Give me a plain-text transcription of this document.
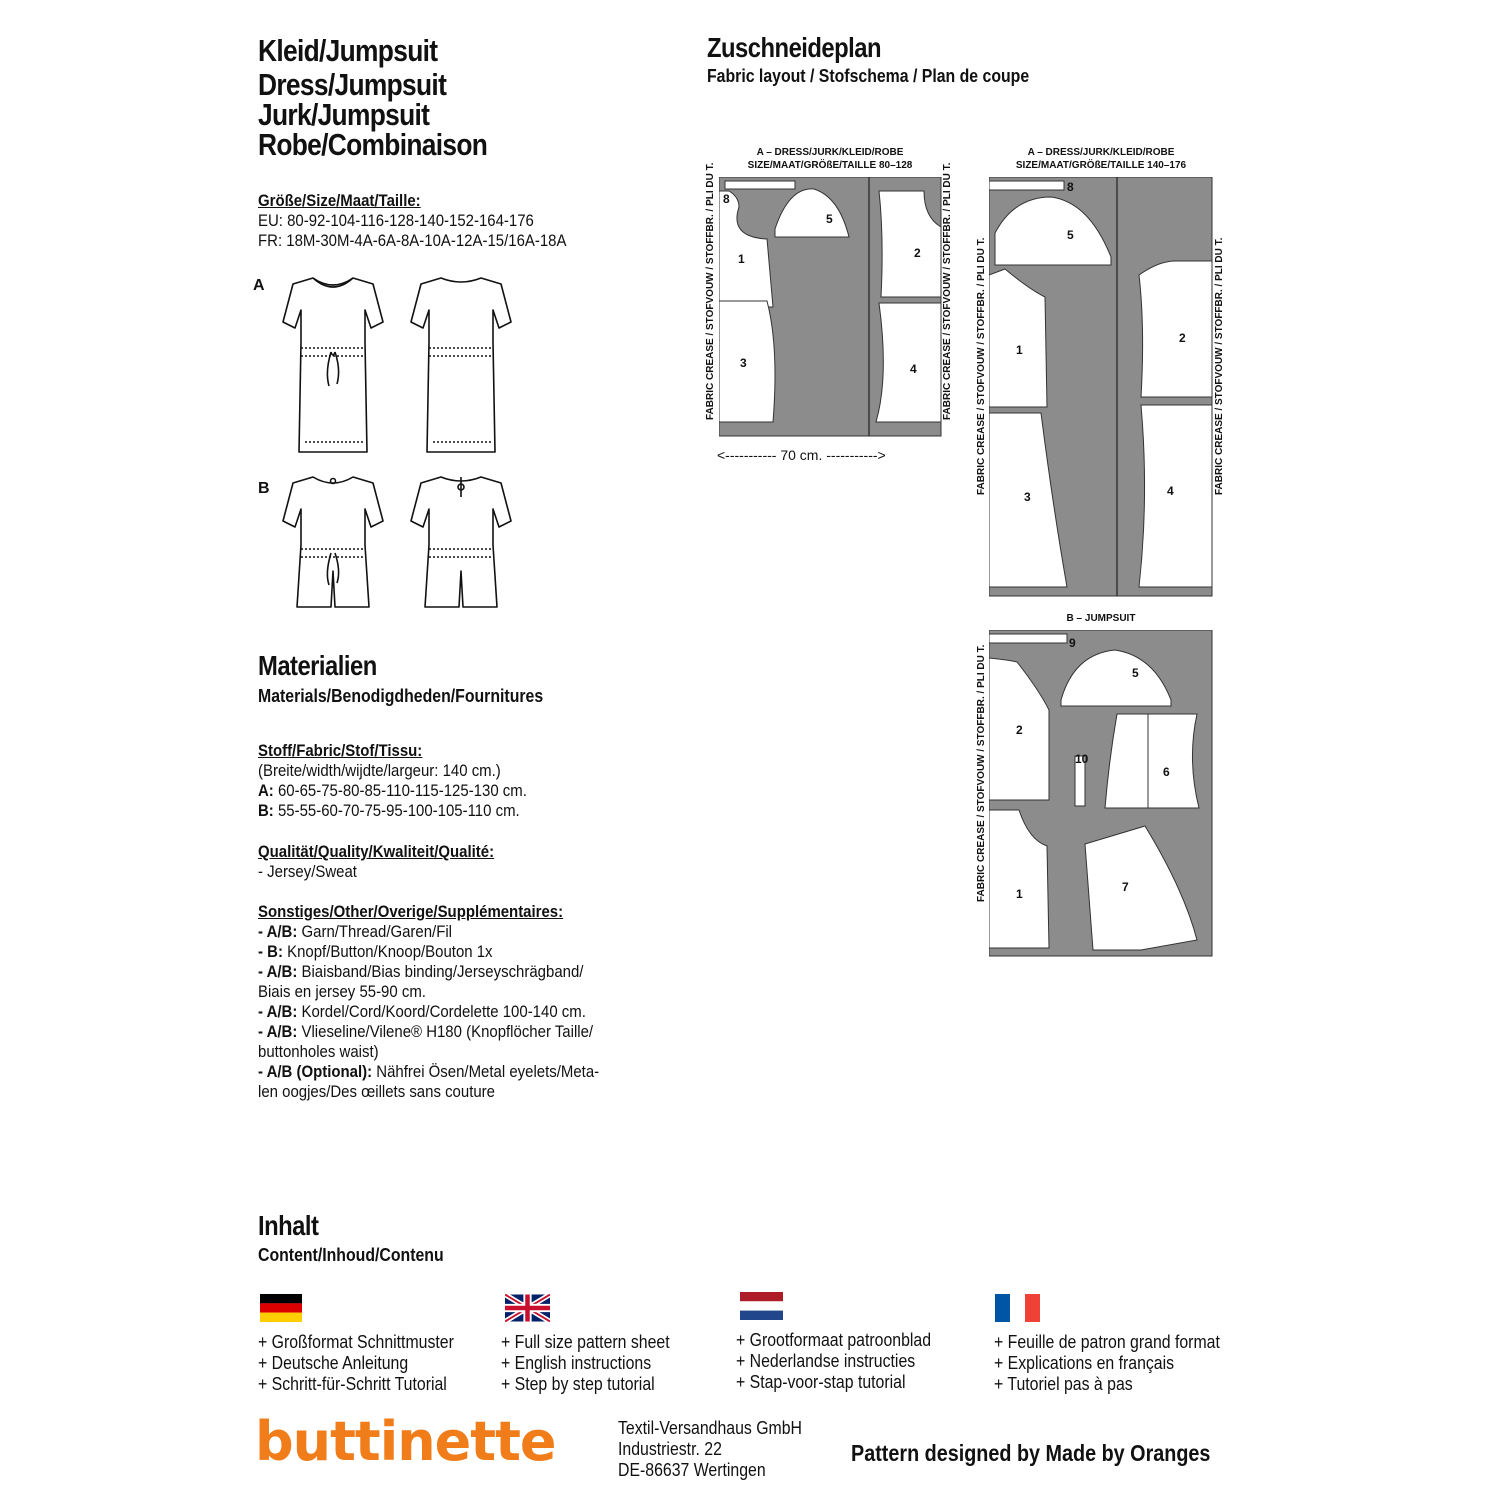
Kleid/Jumpsuit
Dress/Jumpsuit
Jurk/Jumpsuit
Robe/Combinaison
Größe/Size/Maat/Taille:
EU: 80-92-104-116-128-140-152-164-176
FR: 18M-30M-4A-6A-8A-10A-12A-15/16A-18A
A
B
Materialien
Materials/Benodigdheden/Fournitures
Stoff/Fabric/Stof/Tissu:
(Breite/width/wijdte/largeur: 140 cm.)
A: 60-65-75-80-85-110-115-125-130 cm.
B: 55-55-60-70-75-95-100-105-110 cm.
Qualität/Quality/Kwaliteit/Qualité:
- Jersey/Sweat
Sonstiges/Other/Overige/Supplémentaires:
- A/B: Garn/Thread/Garen/Fil
- B: Knopf/Button/Knoop/Bouton 1x
- A/B: Biaisband/Bias binding/Jerseyschrägband/
Biais en jersey 55-90 cm.
- A/B: Kordel/Cord/Koord/Cordelette 100-140 cm.
- A/B: Vlieseline/Vilene® H180 (Knopflöcher Taille/
buttonholes waist)
- A/B (Optional): Nähfrei Ösen/Metal eyelets/Meta-
len oogjes/Des œillets sans couture
Zuschneideplan
Fabric layout / Stofschema / Plan de coupe
A – DRESS/JURK/KLEID/ROBE
SIZE/MAAT/GRÖßE/TAILLE 80–128
FABRIC CREASE / STOFVOUW / STOFFBR. / PLI DU T.	FABRIC CREASE / STOFVOUW / STOFFBR. / PLI DU T.
8
5
1	2
3	4
<----------- 70 cm. ----------->
A – DRESS/JURK/KLEID/ROBE
SIZE/MAAT/GRÖßE/TAILLE 140–176
FABRIC CREASE / STOFVOUW / STOFFBR. / PLI DU T.	FABRIC CREASE / STOFVOUW / STOFFBR. / PLI DU T.
8
5
1
2
3	4
B – JUMPSUIT
FABRIC CREASE / STOFVOUW / STOFFBR. / PLI DU T.
9
5
2
10
6
1	7
Inhalt
Content/Inhoud/Contenu
+ Großformat Schnittmuster
+ Deutsche Anleitung
+ Schritt-für-Schritt Tutorial
+ Full size pattern sheet
+ English instructions
+ Step by step tutorial
+ Grootformaat patroonblad
+ Nederlandse instructies
+ Stap-voor-stap tutorial
+ Feuille de patron grand format
+ Explications en français
+ Tutoriel pas à pas
buttinette	Textil-Versandhaus GmbH
Industriestr. 22
DE-86637 Wertingen
Pattern designed by Made by Oranges
